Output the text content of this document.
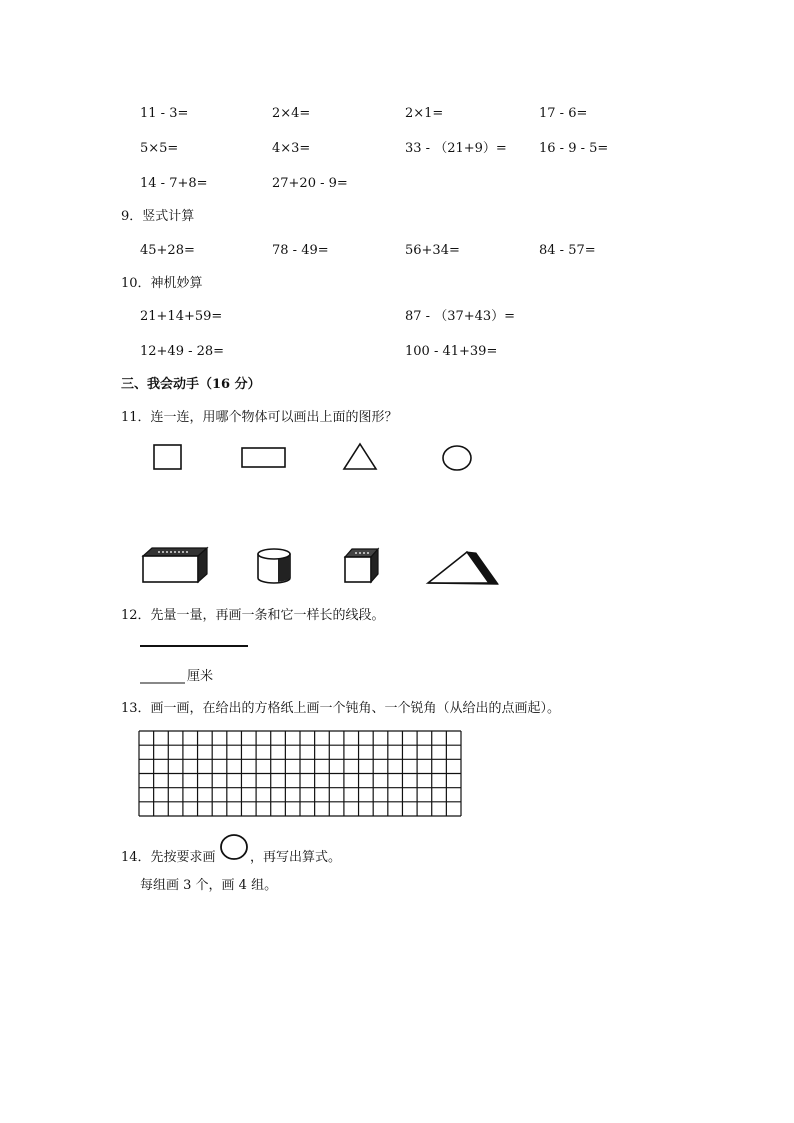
11 - 3=	2×4=	2×1=	17 - 6=
5×5=	4×3=	33 - （21+9）= 16 - 9 - 5=
14 - 7+8=	27+20 - 9=
9．竖式计算
45+28=	78 - 49=	56+34=	84 - 57=
10．神机妙算
21+14+59=	87 - （37+43）=
12+49 - 28=	100 - 41+39=
三、我会动手（16 分）
11．连一连，用哪个物体可以画出上面的图形？
12．先量一量，再画一条和它一样长的线段。
厘米
13．画一画，在给出的方格纸上画一个钝角、一个锐角（从给出的点画起）。
14．先按要求画	，再写出算式。
每组画 3 个，画 4 组。
